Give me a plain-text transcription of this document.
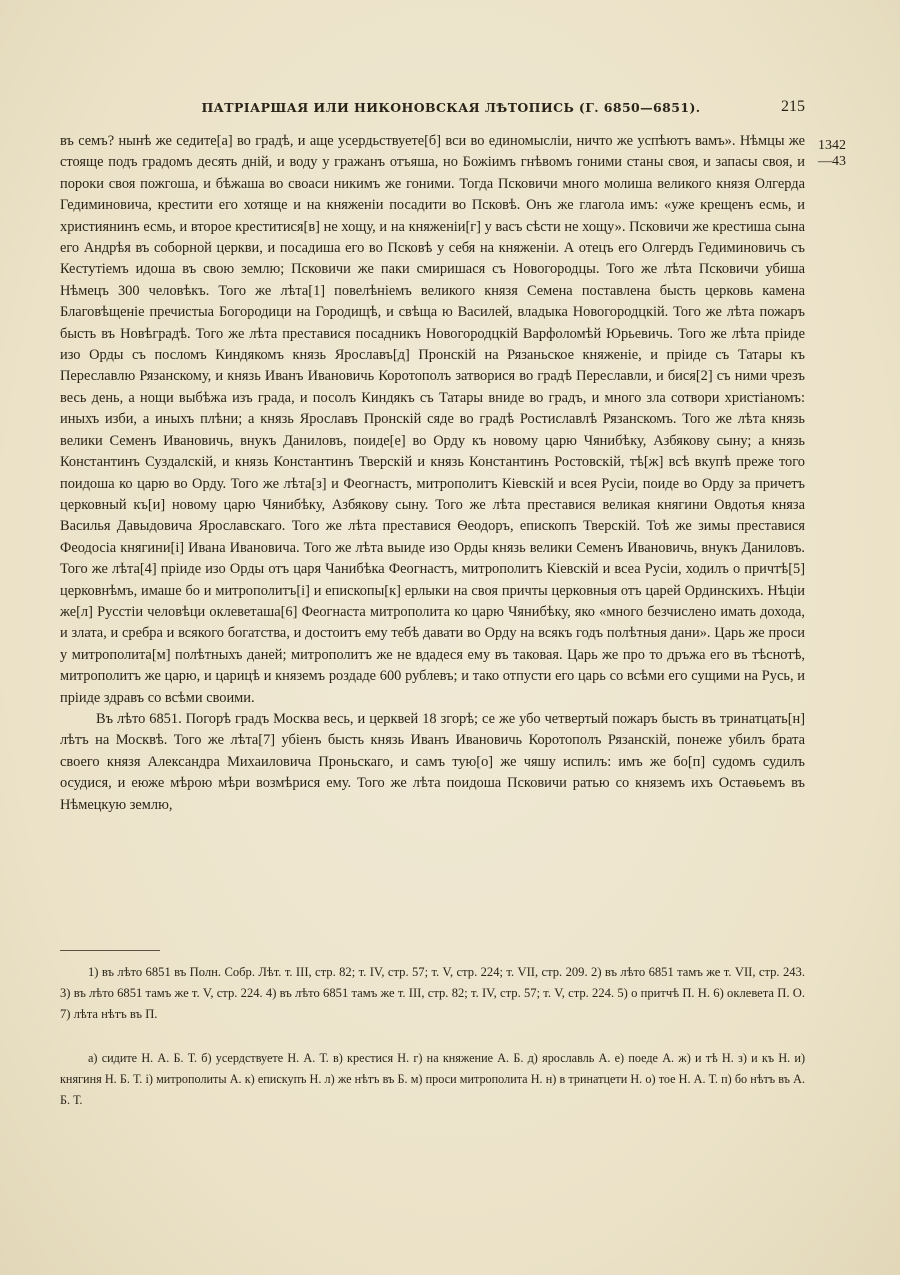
ПАТРІАРШАЯ ИЛИ НИКОНОВСКАЯ ЛѢТОПИСЬ (Г. 6850—6851).	215
1342—43

въ семъ? нынѣ же седите[а] во градѣ, и аще усердьствуете[б] вси во единомыслiи, ничто же успѣютъ вамъ». Нѣмцы же стояще подъ градомъ десять днiй, и воду у гражанъ отъяша, но Божiимъ гнѣвомъ гоними станы своя, и запасы своя, и пороки своя пожгоша, и бѣжаша во своаси никимъ же гоними. Тогда Псковичи много молиша великого князя Олгерда Гедиминовича, крестити его хотяще и на княженiи посадити во Псковѣ. Онъ же глагола имъ: «уже крещенъ есмь, и християнинъ есмь, и второе креститися[в] не хощу, и на княженiи[г] у васъ сѣсти не хощу». Псковичи же крестиша сына его Андрѣя въ соборной церкви, и посадиша его во Псковѣ у себя на княженiи. А отецъ его Олгердъ Гедиминовичь съ Кестутiемъ идоша въ свою землю; Псковичи же паки смиришася съ Новогородцы. Того же лѣта Псковичи убиша Нѣмецъ 300 человѣкъ. Того же лѣта[1] повелѣнiемъ великого князя Семена поставлена бысть церковь камена Благовѣщенiе пречистыа Богородици на Городищѣ, и свѣща ю Василей, владыка Новогородцкiй. Того же лѣта пожаръ бысть въ Новѣградѣ. Того же лѣта преставися посадникъ Новогородцкiй Варфоломѣй Юрьевичь. Того же лѣта прiиде изо Орды съ посломъ Киндякомъ князь Ярославъ[д] Пронскiй на Рязаньское княженiе, и прiиде съ Татары къ Переславлю Рязанскому, и князь Иванъ Ивановичь Коротополъ затворися во градѣ Переславли, и бися[2] съ ними чрезъ весь день, а нощи выбѣжа изъ града, и посолъ Киндякъ съ Татары вниде во градъ, и много зла сотвори христiаномъ: иныхъ изби, а иныхъ плѣни; а князь Ярославъ Пронскiй сяде во градѣ Ростиславлѣ Рязанскомъ. Того же лѣта князь велики Семенъ Ивановичь, внукъ Даниловъ, поиде[е] во Орду къ новому царю Чянибѣку, Азбякову сыну; а князь Константинъ Суздалскiй, и князь Константинъ Тверскiй и князь Константинъ Ростовскiй, тѣ[ж] всѣ вкупѣ преже того поидоша ко царю во Орду. Того же лѣта[з] и Феогнастъ, митрополитъ Кiевскiй и всея Русiи, поиде во Орду за причетъ церковный къ[и] новому царю Чянибѣку, Азбякову сыну. Того же лѣта преставися великая княгини Овдотья княза Василья Давыдовича Ярославскаго. Того же лѣта преставися Ѳеодоръ, епископъ Тверскiй. Тоѣ же зимы преставися Феодосiа княгини[і] Ивана Ивановича. Того же лѣта выиде изо Орды князь велики Семенъ Ивановичь, внукъ Даниловъ. Того же лѣта[4] прiиде изо Орды отъ царя Чанибѣка Феогнастъ, митрополитъ Кiевскiй и всеа Русiи, ходилъ о причтѣ[5] церковнѣмъ, имаше бо и митрополитъ[і] и епископы[к] ерлыки на своя причты церковныя отъ царей Ординскихъ. Нѣцiи же[л] Русстiи человѣци оклеветаша[6] Феогнаста митрополита ко царю Чянибѣку, яко «много безчислено имать дохода, и злата, и сребра и всякого богатства, и достоитъ ему тебѣ давати во Орду на всякъ годъ полѣтныя дани». Царь же проси у митрополита[м] полѣтныхъ даней; митрополитъ же не вдадеся ему въ таковая. Царь же про то дръжа его въ тѣснотѣ, митрополитъ же царю, и царицѣ и княземъ роздаде 600 рублевъ; и тако отпусти его царь со всѣми его сущими на Русь, и прiиде здравъ со всѣми своими.

Въ лѣто 6851. Погорѣ градъ Москва весь, и церквей 18 згорѣ; се же убо четвертый пожаръ бысть въ тринатцать[н] лѣтъ на Москвѣ. Того же лѣта[7] убiенъ бысть князь Иванъ Ивановичь Коротополъ Рязанскiй, понеже убилъ брата своего князя Александра Михаиловича Проньскаго, и самъ тую[о] же чяшу испилъ: имъ же бо[п] судомъ судилъ осудися, и еюже мѣрою мѣри возмѣрися ему. Того же лѣта поидоша Псковичи ратью со княземъ ихъ Остаѳьемъ въ Нѣмецкую землю,

1) въ лѣто 6851 въ Полн. Собр. Лѣт. т. III, стр. 82; т. IV, стр. 57; т. V, стр. 224; т. VII, стр. 209. 2) въ лѣто 6851 тамъ же т. VII, стр. 243. 3) въ лѣто 6851 тамъ же т. V, стр. 224. 4) въ лѣто 6851 тамъ же т. III, стр. 82; т. IV, стр. 57; т. V, стр. 224. 5) о притчѣ П. Н. 6) оклевета П. О. 7) лѣта нѣтъ въ П.

а) сидите Н. А. Б. Т. б) усердствуете Н. А. Т. в) крестися Н. г) на княжение А. Б. д) ярославль А. е) поеде А. ж) и тѣ Н. з) и къ Н. и) княгиня Н. Б. Т. і) митрополиты А. к) епискупъ Н. л) же нѣтъ въ Б. м) проси митрополита Н. н) в тринатцети Н. о) тое Н. А. Т. п) бо нѣтъ въ А. Б. Т.
